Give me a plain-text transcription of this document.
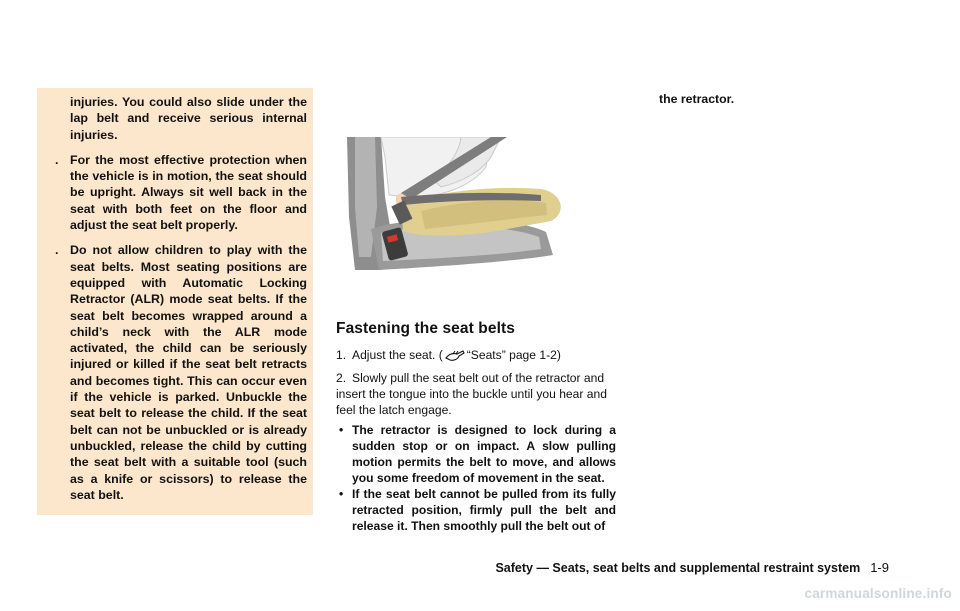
injuries. You could also slide under the lap belt and receive serious internal injuries.

. For the most effective protection when the vehicle is in motion, the seat should be upright. Always sit well back in the seat with both feet on the floor and adjust the seat belt properly.

. Do not allow children to play with the seat belts. Most seating positions are equipped with Automatic Locking Retractor (ALR) mode seat belts. If the seat belt becomes wrapped around a child’s neck with the ALR mode activated, the child can be seriously injured or killed if the seat belt retracts and becomes tight. This can occur even if the vehicle is parked. Unbuckle the seat belt to release the child. If the seat belt can not be unbuckled or is already unbuckled, release the child by cutting the seat belt with a suitable tool (such as a knife or scissors) to release the seat belt.

Fastening the seat belts
1. Adjust the seat. ( “Seats” page 1-2)
2. Slowly pull the seat belt out of the retractor and insert the tongue into the buckle until you hear and feel the latch engage.

• The retractor is designed to lock during a sudden stop or on impact. A slow pulling motion permits the belt to move, and allows you some freedom of movement in the seat.

• If the seat belt cannot be pulled from its fully retracted position, firmly pull the belt and release it. Then smoothly pull the belt out of

the retractor.
Safety — Seats, seat belts and supplemental restraint system 1-9
carmanualsonline.info
